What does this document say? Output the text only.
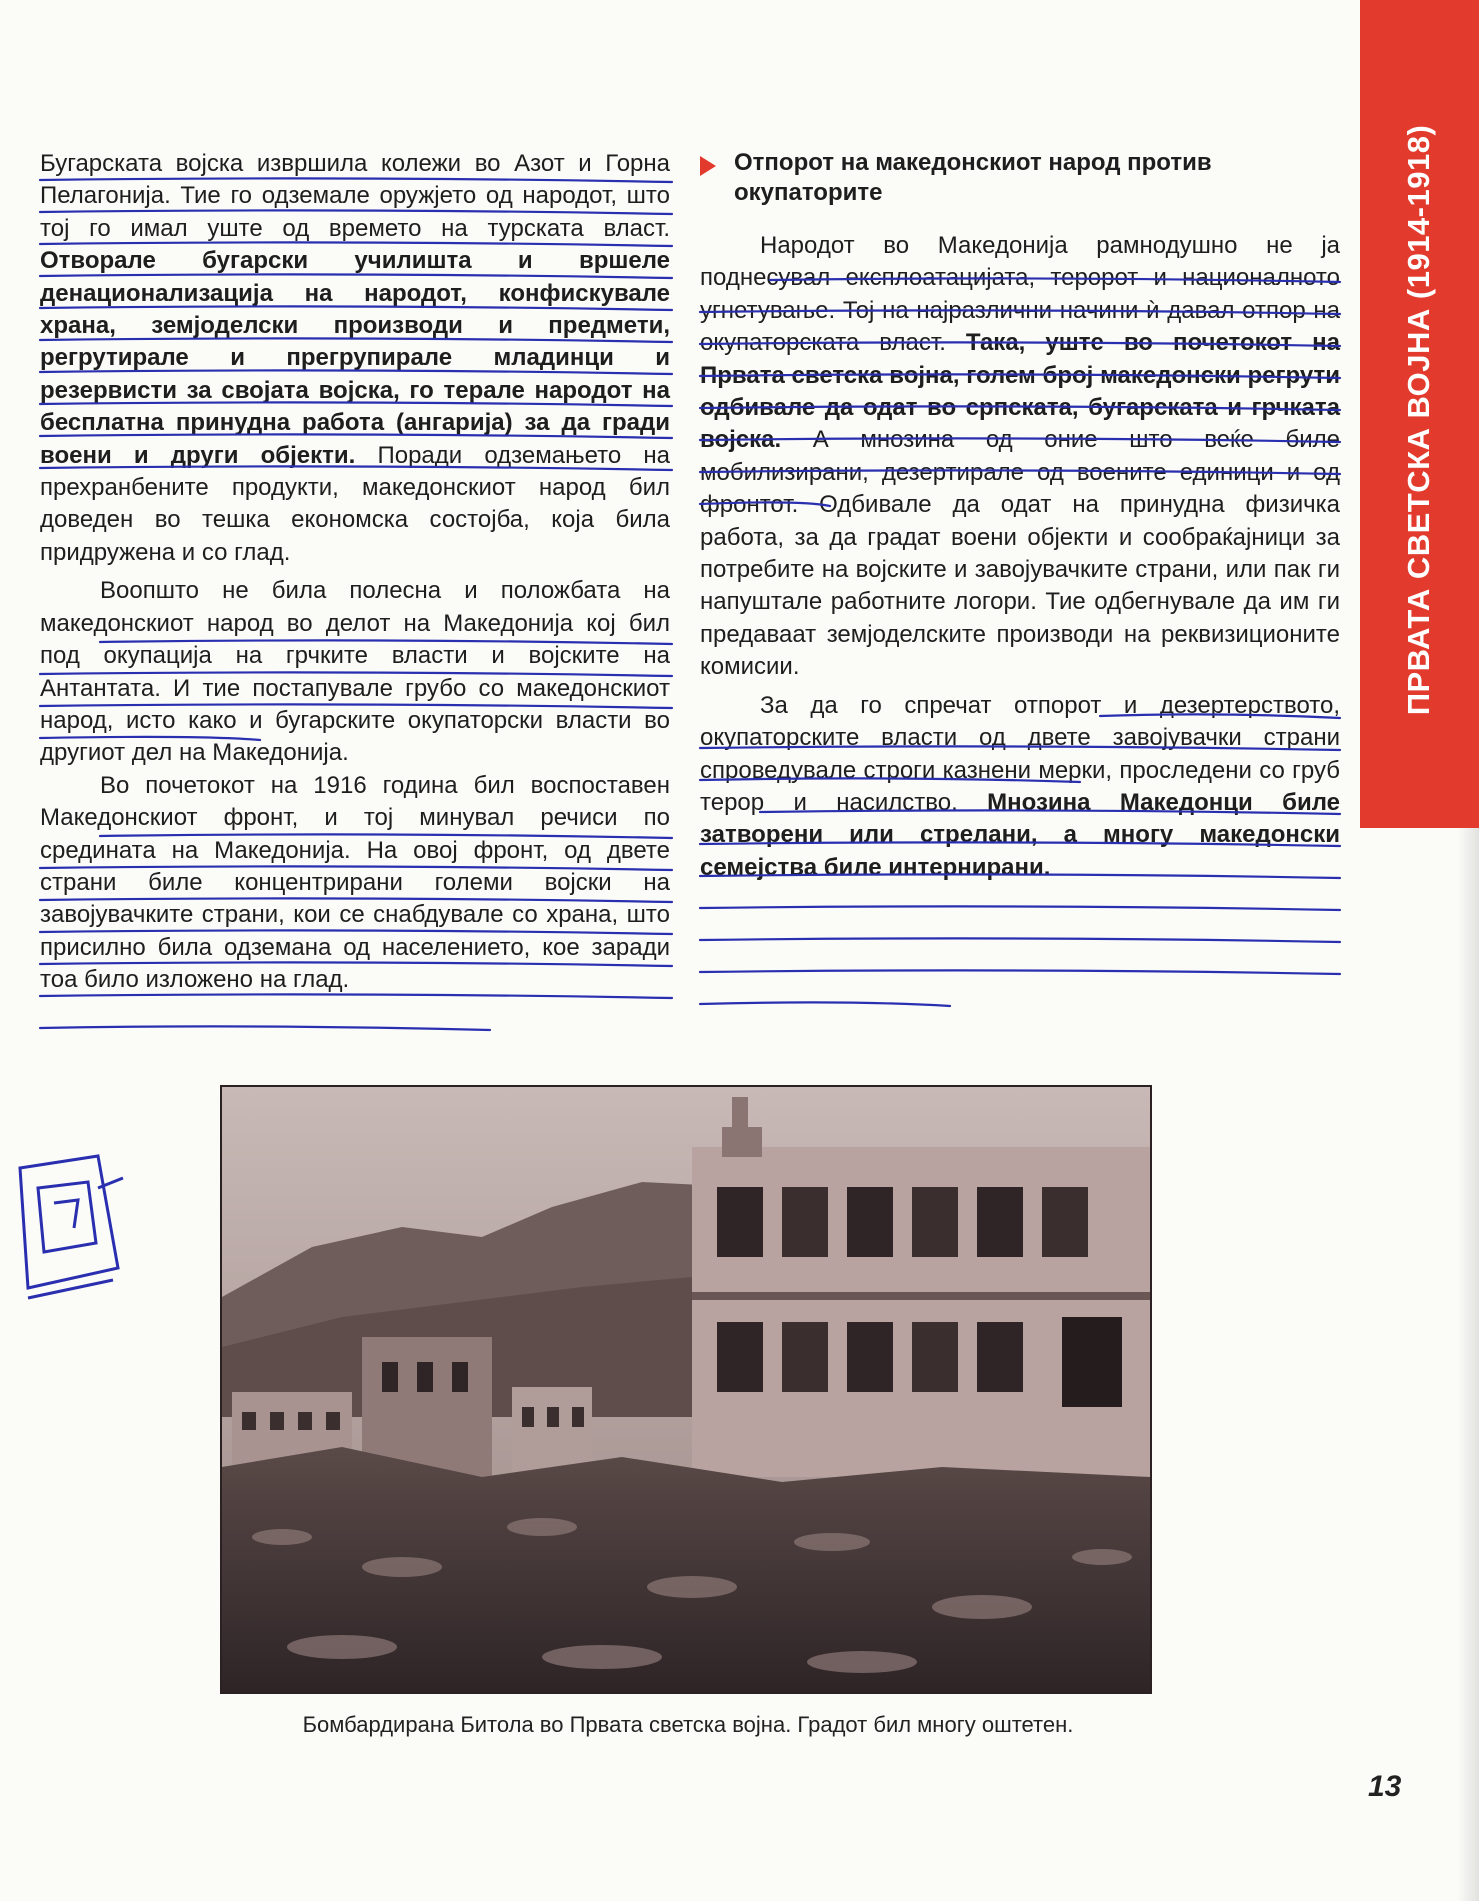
ПРВАТА СВЕТСКА ВОЈНА (1914-1918)

Бугарската војска извршила колежи во Азот и Горна Пелагонија. Тие го одземале оружјето од народот, што тој го имал уште од времето на турската власт. Отворале бугарски училишта и вршеле денационализација на народот, конфискувале храна, земјоделски производи и предмети, регрутирале и прегрупирале младинци и резервисти за својата војска, го терале народот на бесплатна принудна работа (ангарија) за да гради воени и други објекти. Поради одземањето на прехранбените продукти, македонскиот народ бил доведен во тешка економска состојба, која била придружена и со глад.

Воопшто не била полесна и положбата на македонскиот народ во делот на Македонија кој бил под окупација на грчките власти и војските на Антантата. И тие постапувале грубо со македонскиот народ, исто како и бугарските окупаторски власти во другиот дел на Македонија.

Во почетокот на 1916 година бил воспоставен Македонскиот фронт, и тој минувал речиси по средината на Македонија. На овој фронт, од двете страни биле концентрирани големи војски на завојувачките страни, кои се снабдувале со храна, што присилно била одземана од населението, кое заради тоа било изложено на глад.

Отпорот на македонскиот народ против окупаторите

Народот во Македонија рамнодушно не ја поднесувал експлоатацијата, теророт и националното угнетување. Тој на најразлични начини ѝ давал отпор на окупаторската власт. Така, уште во почетокот на Првата светска војна, голем број македонски регрути одбивале да одат во српската, бугарската и грчката војска. А мнозина од оние што веќе биле мобилизирани, дезертирале од воените единици и од фронтот. Одбивале да одат на принудна физичка работа, за да градат воени објекти и сообраќајници за потребите на војските и завојувачките страни, или пак ги напуштале работните логори. Тие одбегнувале да им ги предаваат земјоделските производи на реквизиционите комисии.

За да го спречат отпорот и дезертерството, окупаторските власти од двете завојувачки страни спроведувале строги казнени мерки, проследени со груб терор и насилство. Мнозина Македонци биле затворени или стрелани, а многу македонски семејства биле интернирани.

Бомбардирана Битола во Првата светска војна. Градот бил многу оштетен.
13
